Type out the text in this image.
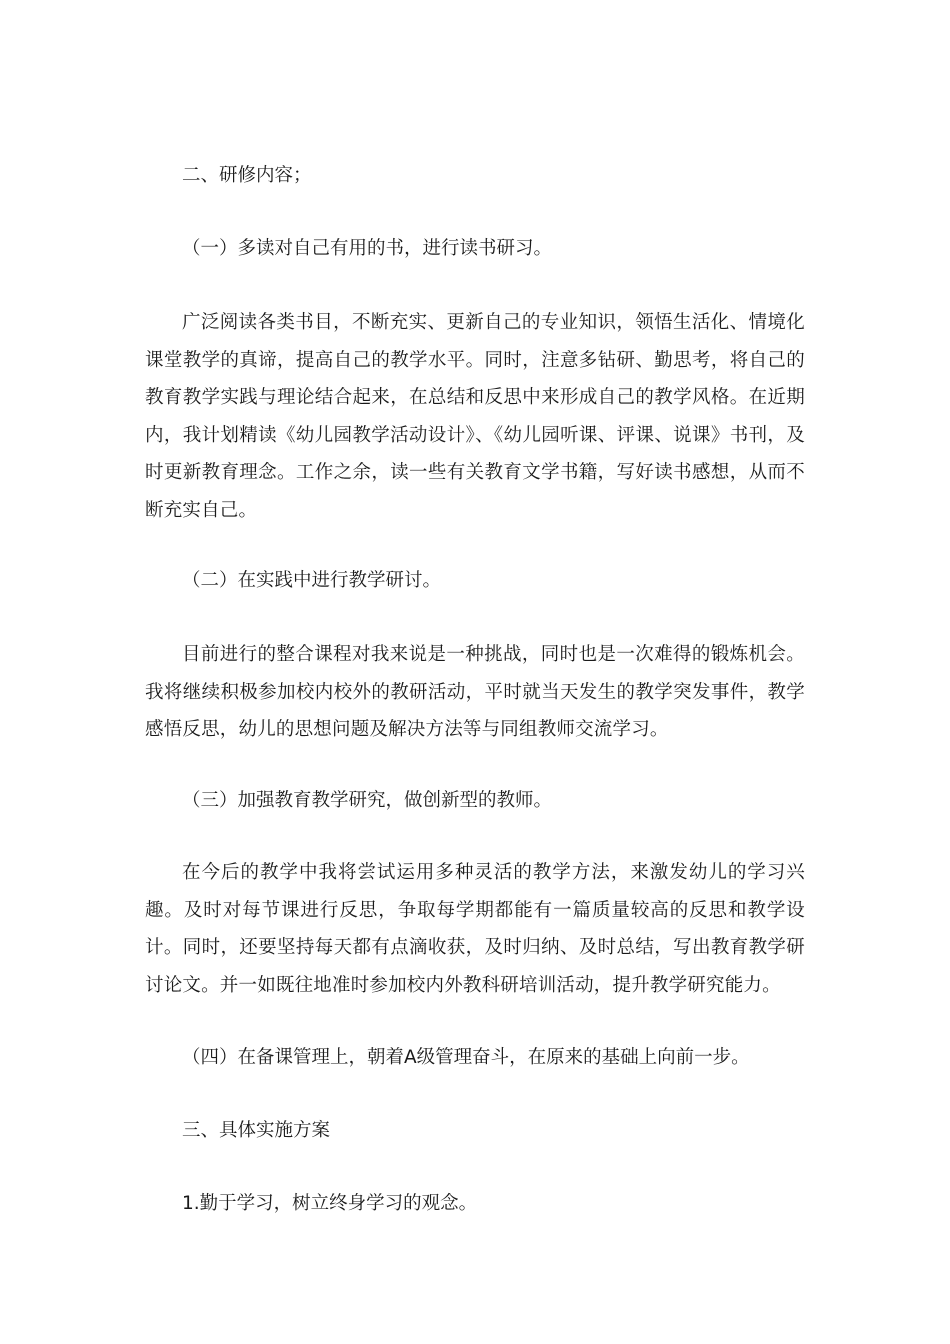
二、研修内容；

（一）多读对自己有用的书，进行读书研习。

广泛阅读各类书目，不断充实、更新自己的专业知识，领悟生活化、情境化课堂教学的真谛，提高自己的教学水平。同时，注意多钻研、勤思考，将自己的教育教学实践与理论结合起来，在总结和反思中来形成自己的教学风格。在近期内，我计划精读《幼儿园教学活动设计》、《幼儿园听课、评课、说课》书刊，及时更新教育理念。工作之余，读一些有关教育文学书籍，写好读书感想，从而不断充实自己。

（二）在实践中进行教学研讨。

目前进行的整合课程对我来说是一种挑战，同时也是一次难得的锻炼机会。我将继续积极参加校内校外的教研活动，平时就当天发生的教学突发事件，教学感悟反思，幼儿的思想问题及解决方法等与同组教师交流学习。

（三）加强教育教学研究，做创新型的教师。

在今后的教学中我将尝试运用多种灵活的教学方法，来激发幼儿的学习兴趣。及时对每节课进行反思，争取每学期都能有一篇质量较高的反思和教学设计。同时，还要坚持每天都有点滴收获，及时归纳、及时总结，写出教育教学研讨论文。并一如既往地准时参加校内外教科研培训活动，提升教学研究能力。

（四）在备课管理上，朝着A级管理奋斗，在原来的基础上向前一步。

三、具体实施方案

1.勤于学习，树立终身学习的观念。
